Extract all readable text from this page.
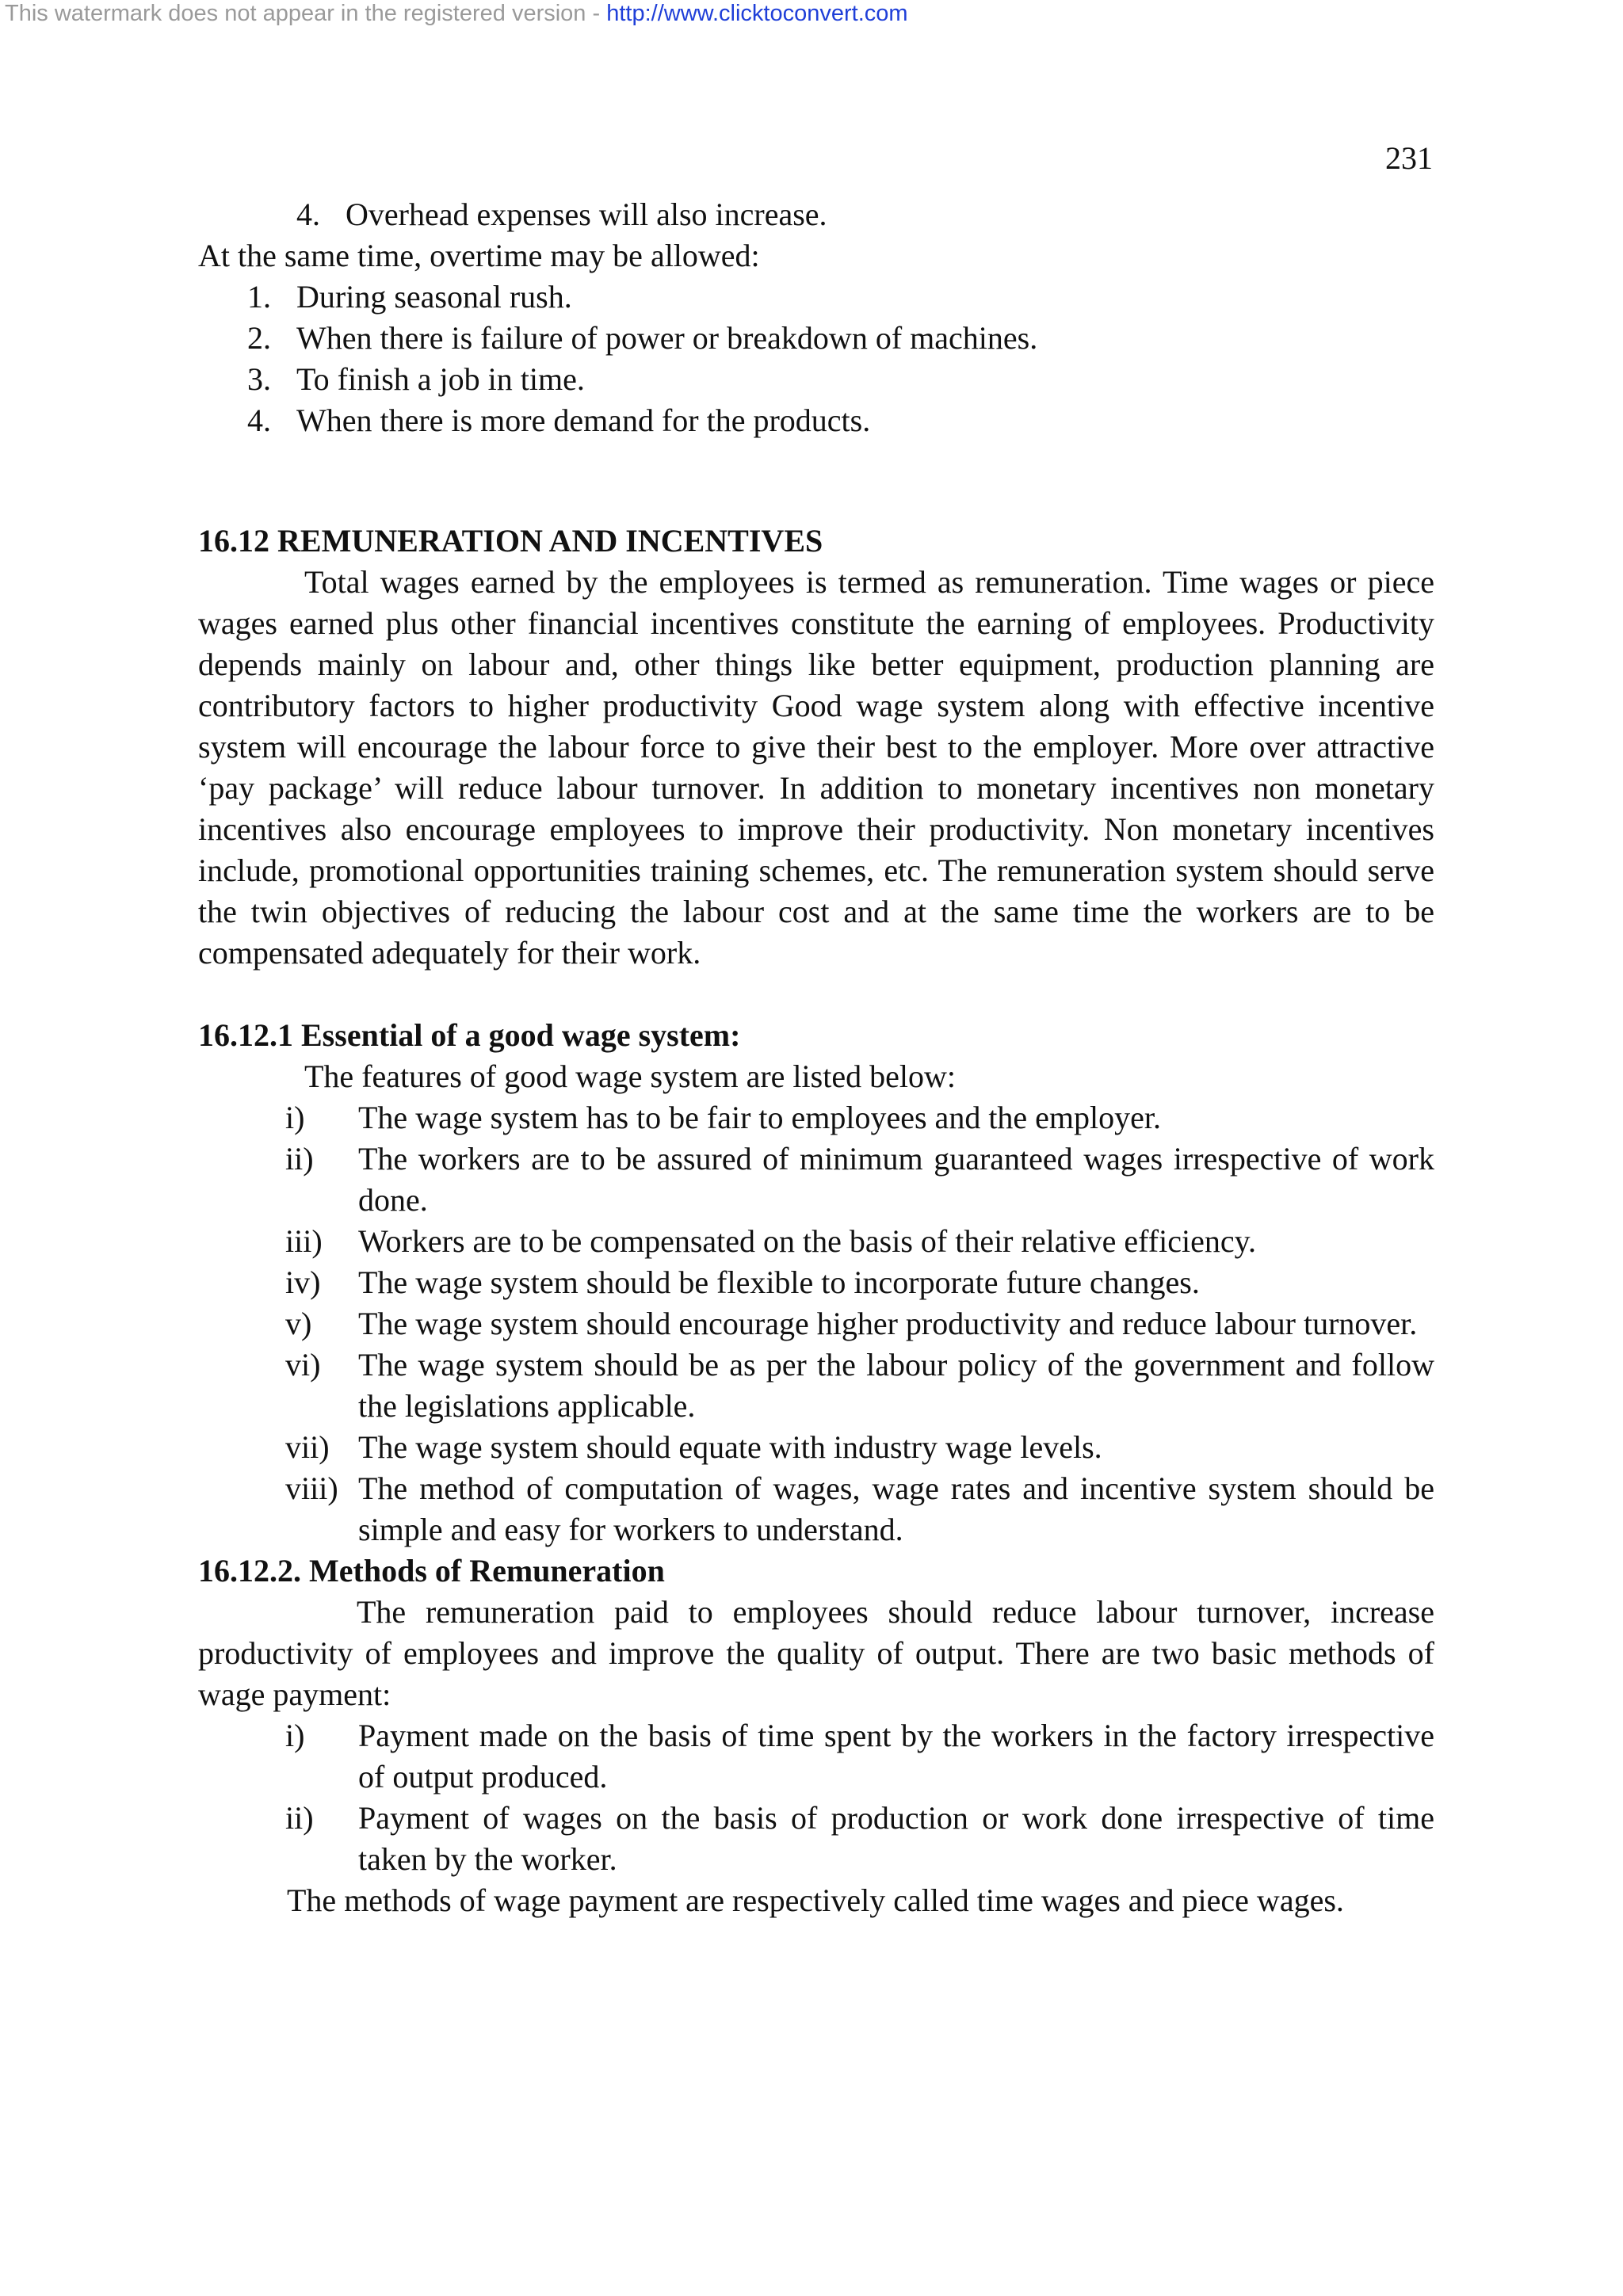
This watermark does not appear in the registered version - http://www.clicktoconvert.com
231
4. Overhead expenses will also increase.

At the same time, overtime may be allowed:

1. During seasonal rush.
2. When there is failure of power or breakdown of machines.
3. To finish a job in time.
4. When there is more demand for the products.
16.12 REMUNERATION AND INCENTIVES

Total wages earned by the employees is termed as remuneration. Time wages or piece wages earned plus other financial incentives constitute the earning of employees. Productivity depends mainly on labour and, other things like better equipment, production planning are contributory factors to higher productivity Good wage system along with effective incentive system will encourage the labour force to give their best to the employer. More over attractive ‘pay package’ will reduce labour turnover. In addition to monetary incentives non monetary incentives also encourage employees to improve their productivity. Non monetary incentives include, promotional opportunities training schemes, etc. The remuneration system should serve the twin objectives of reducing the labour cost and at the same time the workers are to be compensated adequately for their work.

16.12.1 Essential of a good wage system:

The features of good wage system are listed below:

i)	The wage system has to be fair to employees and the employer.
ii)	The workers are to be assured of minimum guaranteed wages irrespective of work done.
iii)	Workers are to be compensated on the basis of their relative efficiency.
iv)	The wage system should be flexible to incorporate future changes.
v)	The wage system should encourage higher productivity and reduce labour turnover.
vi)	The wage system should be as per the labour policy of the government and follow the legislations applicable.
vii) The wage system should equate with industry wage levels.
viii) The method of computation of wages, wage rates and incentive system should be simple and easy for workers to understand.
16.12.2. Methods of Remuneration

The remuneration paid to employees should reduce labour turnover, increase productivity of employees and improve the quality of output. There are two basic methods of wage payment:

i)	Payment made on the basis of time spent by the workers in the factory irrespective of output produced.
ii)	Payment of wages on the basis of production or work done irrespective of time taken by the worker.

The methods of wage payment are respectively called time wages and piece wages.
